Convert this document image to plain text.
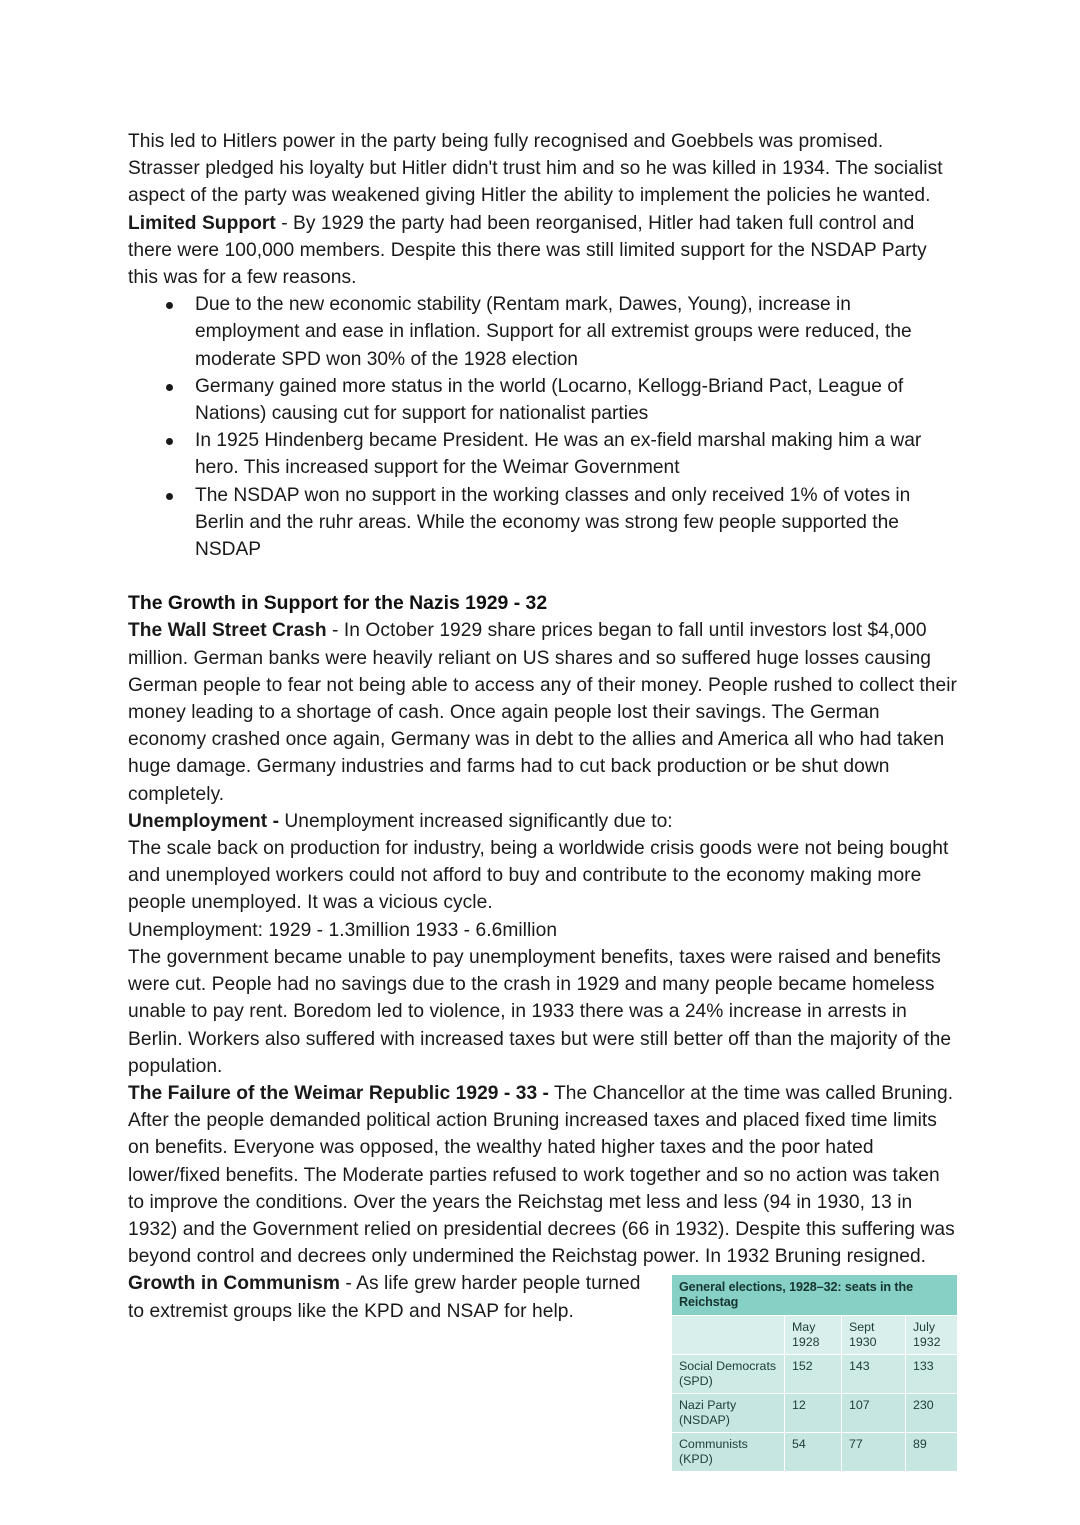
This led to Hitlers power in the party being fully recognised and Goebbels was promised. Strasser pledged his loyalty but Hitler didn't trust him and so he was killed in 1934. The socialist aspect of the party was weakened giving Hitler the ability to implement the policies he wanted.

Limited Support - By 1929 the party had been reorganised, Hitler had taken full control and there were 100,000 members. Despite this there was still limited support for the NSDAP Party this was for a few reasons.

Due to the new economic stability (Rentam mark, Dawes, Young), increase in employment and ease in inflation. Support for all extremist groups were reduced, the moderate SPD won 30% of the 1928 election
Germany gained more status in the world (Locarno, Kellogg-Briand Pact, League of Nations) causing cut for support for nationalist parties
In 1925 Hindenberg became President. He was an ex-field marshal making him a war hero. This increased support for the Weimar Government
The NSDAP won no support in the working classes and only received 1% of votes in Berlin and the ruhr areas. While the economy was strong few people supported the NSDAP
The Growth in Support for the Nazis 1929 - 32

The Wall Street Crash - In October 1929 share prices began to fall until investors lost $4,000 million. German banks were heavily reliant on US shares and so suffered huge losses causing German people to fear not being able to access any of their money. People rushed to collect their money leading to a shortage of cash. Once again people lost their savings. The German economy crashed once again, Germany was in debt to the allies and America all who had taken huge damage. Germany industries and farms had to cut back production or be shut down completely.

Unemployment - Unemployment increased significantly due to:

The scale back on production for industry, being a worldwide crisis goods were not being bought and unemployed workers could not afford to buy and contribute to the economy making more people unemployed. It was a vicious cycle.

Unemployment: 1929 - 1.3million 1933 - 6.6million

The government became unable to pay unemployment benefits, taxes were raised and benefits were cut. People had no savings due to the crash in 1929 and many people became homeless unable to pay rent. Boredom led to violence, in 1933 there was a 24% increase in arrests in Berlin. Workers also suffered with increased taxes but were still better off than the majority of the population.

The Failure of the Weimar Republic 1929 - 33 - The Chancellor at the time was called Bruning. After the people demanded political action Bruning increased taxes and placed fixed time limits on benefits. Everyone was opposed, the wealthy hated higher taxes and the poor hated lower/fixed benefits. The Moderate parties refused to work together and so no action was taken to improve the conditions. Over the years the Reichstag met less and less (94 in 1930, 13 in 1932) and the Government relied on presidential decrees (66 in 1932). Despite this suffering was beyond control and decrees only undermined the Reichstag power. In 1932 Bruning resigned.

General elections, 1928–32: seats in the Reichstag			
	May 1928	Sept 1930	July 1932
Social Democrats (SPD)	152	143	133
Nazi Party (NSDAP)	12	107	230
Communists (KPD)	54	77	89

Growth in Communism - As life grew harder people turned to extremist groups like the KPD and NSAP for help.
